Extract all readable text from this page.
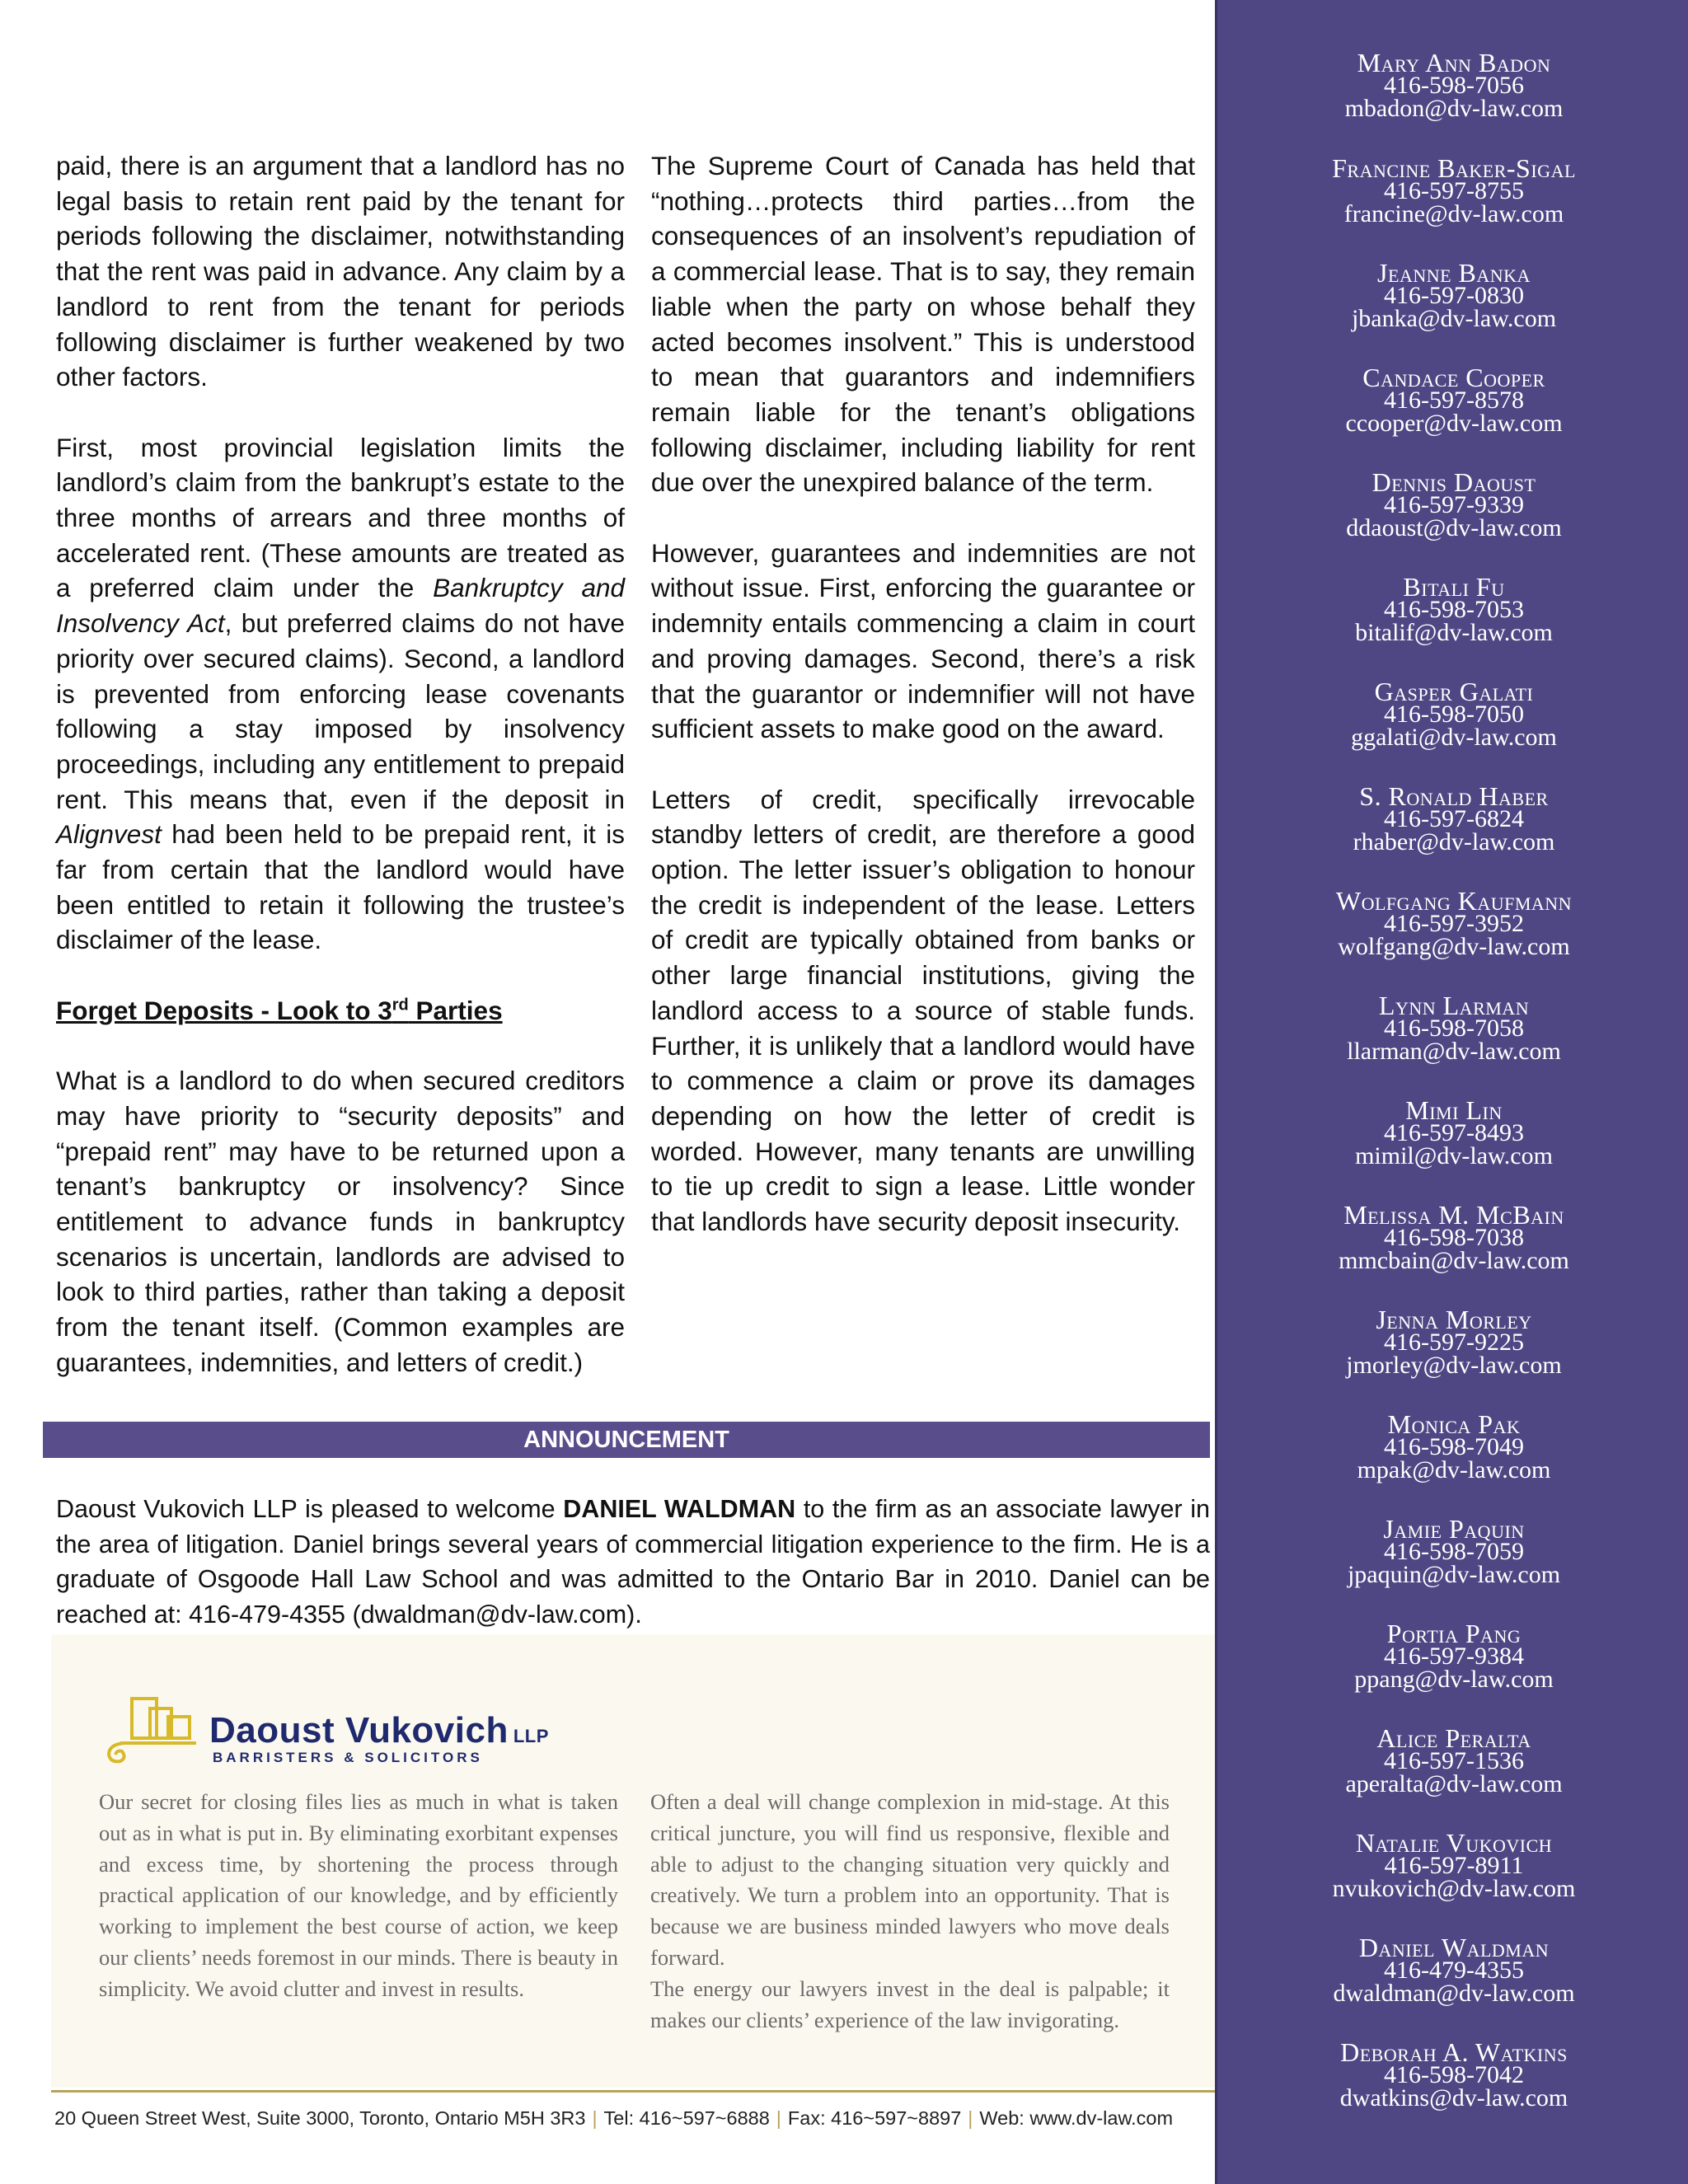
paid, there is an argument that a landlord has no legal basis to retain rent paid by the tenant for periods following the disclaimer, notwithstanding that the rent was paid in advance. Any claim by a landlord to rent from the tenant for periods following disclaimer is further weakened by two other factors.

First, most provincial legislation limits the landlord’s claim from the bankrupt’s estate to the three months of arrears and three months of accelerated rent. (These amounts are treated as a preferred claim under the Bankruptcy and Insolvency Act, but preferred claims do not have priority over secured claims). Second, a landlord is prevented from enforcing lease covenants following a stay imposed by insolvency proceedings, including any entitlement to prepaid rent. This means that, even if the deposit in Alignvest had been held to be prepaid rent, it is far from certain that the landlord would have been entitled to retain it following the trustee’s disclaimer of the lease.

Forget Deposits - Look to 3rd Parties

What is a landlord to do when secured creditors may have priority to “security deposits” and “prepaid rent” may have to be returned upon a tenant’s bankruptcy or insolvency? Since entitlement to advance funds in bankruptcy scenarios is uncertain, landlords are advised to look to third parties, rather than taking a deposit from the tenant itself. (Common examples are guarantees, indemnities, and letters of credit.)

The Supreme Court of Canada has held that “nothing…protects third parties…from the consequences of an insolvent’s repudiation of a commercial lease. That is to say, they remain liable when the party on whose behalf they acted becomes insolvent.” This is understood to mean that guarantors and indemnifiers remain liable for the tenant’s obligations following disclaimer, including liability for rent due over the unexpired balance of the term.

However, guarantees and indemnities are not without issue. First, enforcing the guarantee or indemnity entails commencing a claim in court and proving damages. Second, there’s a risk that the guarantor or indemnifier will not have sufficient assets to make good on the award.

Letters of credit, specifically irrevocable standby letters of credit, are therefore a good option. The letter issuer’s obligation to honour the credit is independent of the lease. Letters of credit are typically obtained from banks or other large financial institutions, giving the landlord access to a source of stable funds. Further, it is unlikely that a landlord would have to commence a claim or prove its damages depending on how the letter of credit is worded. However, many tenants are unwilling to tie up credit to sign a lease. Little wonder that landlords have security deposit insecurity.

ANNOUNCEMENT
Daoust Vukovich LLP is pleased to welcome DANIEL WALDMAN to the firm as an associate lawyer in the area of litigation. Daniel brings several years of commercial litigation experience to the firm. He is a graduate of Osgoode Hall Law School and was admitted to the Ontario Bar in 2010. Daniel can be reached at: 416-479-4355 (dwaldman@dv-law.com).
Daoust Vukovich LLP
BARRISTERS & SOLICITORS

Our secret for closing files lies as much in what is taken out as in what is put in. By eliminating exorbitant expenses and excess time, by shortening the process through practical application of our knowledge, and by efficiently working to implement the best course of action, we keep our clients’ needs foremost in our minds. There is beauty in simplicity. We avoid clutter and invest in results.

Often a deal will change complexion in mid-stage. At this critical juncture, you will find us responsive, flexible and able to adjust to the changing situation very quickly and creatively. We turn a problem into an opportunity. That is because we are business minded lawyers who move deals forward.

The energy our lawyers invest in the deal is palpable; it makes our clients’ experience of the law invigorating.

20 Queen Street West, Suite 3000, Toronto, Ontario M5H 3R3 | Tel: 416~597~6888 | Fax: 416~597~8897 | Web: www.dv-law.com
Mary Ann Badon
416-598-7056
mbadon@dv-law.com
Francine Baker-Sigal
416-597-8755
francine@dv-law.com
Jeanne Banka
416-597-0830
jbanka@dv-law.com
Candace Cooper
416-597-8578
ccooper@dv-law.com
Dennis Daoust
416-597-9339
ddaoust@dv-law.com
Bitali Fu
416-598-7053
bitalif@dv-law.com
Gasper Galati
416-598-7050
ggalati@dv-law.com
S. Ronald Haber
416-597-6824
rhaber@dv-law.com
Wolfgang Kaufmann
416-597-3952
wolfgang@dv-law.com
Lynn Larman
416-598-7058
llarman@dv-law.com
Mimi Lin
416-597-8493
mimil@dv-law.com
Melissa M. McBain
416-598-7038
mmcbain@dv-law.com
Jenna Morley
416-597-9225
jmorley@dv-law.com
Monica Pak
416-598-7049
mpak@dv-law.com
Jamie Paquin
416-598-7059
jpaquin@dv-law.com
Portia Pang
416-597-9384
ppang@dv-law.com
Alice Peralta
416-597-1536
aperalta@dv-law.com
Natalie Vukovich
416-597-8911
nvukovich@dv-law.com
Daniel Waldman
416-479-4355
dwaldman@dv-law.com
Deborah A. Watkins
416-598-7042
dwatkins@dv-law.com
